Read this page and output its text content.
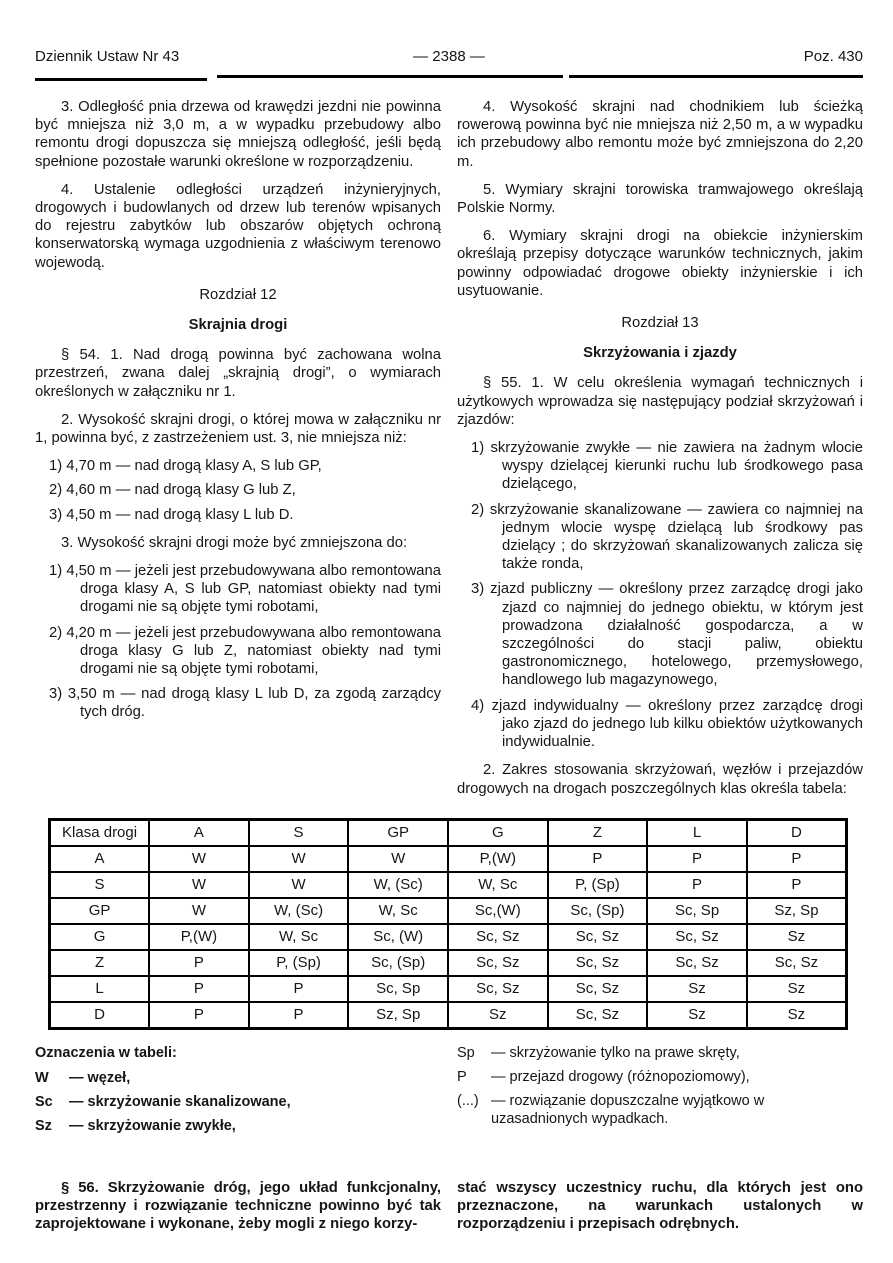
Dziennik Ustaw Nr 43	— 2388 —	Poz. 430

3. Odległość pnia drzewa od krawędzi jezdni nie powinna być mniejsza niż 3,0 m, a w wypadku przebudowy albo remontu drogi dopuszcza się mniejszą odległość, jeśli będą spełnione pozostałe warunki określone w rozporządzeniu.

4. Ustalenie odległości urządzeń inżynieryjnych, drogowych i budowlanych od drzew lub terenów wpisanych do rejestru zabytków lub obszarów objętych ochroną konserwatorską wymaga uzgodnienia z właściwym terenowo wojewodą.

Rozdział 12

Skrajnia drogi

§ 54. 1. Nad drogą powinna być zachowana wolna przestrzeń, zwana dalej „skrajnią drogi”, o wymiarach określonych w załączniku nr 1.

2. Wysokość skrajni drogi, o której mowa w załączniku nr 1, powinna być, z zastrzeżeniem ust. 3, nie mniejsza niż:

1) 4,70 m — nad drogą klasy A, S lub GP,

2) 4,60 m — nad drogą klasy G lub Z,

3) 4,50 m — nad drogą klasy L lub D.

3. Wysokość skrajni drogi może być zmniejszona do:

1) 4,50 m — jeżeli jest przebudowywana albo remontowana droga klasy A, S lub GP, natomiast obiekty nad tymi drogami nie są objęte tymi robotami,

2) 4,20 m — jeżeli jest przebudowywana albo remontowana droga klasy G lub Z, natomiast obiekty nad tymi drogami nie są objęte tymi robotami,

3) 3,50 m — nad drogą klasy L lub D, za zgodą zarządcy tych dróg.

4. Wysokość skrajni nad chodnikiem lub ścieżką rowerową powinna być nie mniejsza niż 2,50 m, a w wypadku ich przebudowy albo remontu może być zmniejszona do 2,20 m.

5. Wymiary skrajni torowiska tramwajowego określają Polskie Normy.

6. Wymiary skrajni drogi na obiekcie inżynierskim określają przepisy dotyczące warunków technicznych, jakim powinny odpowiadać drogowe obiekty inżynierskie i ich usytuowanie.

Rozdział 13

Skrzyżowania i zjazdy

§ 55. 1. W celu określenia wymagań technicznych i użytkowych wprowadza się następujący podział skrzyżowań i zjazdów:

1) skrzyżowanie zwykłe — nie zawiera na żadnym wlocie wyspy dzielącej kierunki ruchu lub środkowego pasa dzielącego,

2) skrzyżowanie skanalizowane — zawiera co najmniej na jednym wlocie wyspę dzielącą lub środkowy pas dzielący ; do skrzyżowań skanalizowanych zalicza się także ronda,

3) zjazd publiczny — określony przez zarządcę drogi jako zjazd co najmniej do jednego obiektu, w którym jest prowadzona działalność gospodarcza, a w szczególności do stacji paliw, obiektu gastronomicznego, hotelowego, przemysłowego, handlowego lub magazynowego,

4) zjazd indywidualny — określony przez zarządcę drogi jako zjazd do jednego lub kilku obiektów użytkowanych indywidualnie.

2. Zakres stosowania skrzyżowań, węzłów i przejazdów drogowych na drogach poszczególnych klas określa tabela:

Klasa drogi	A	S	GP	G	Z	L	D
A	W	W	W	P,(W)	P	P	P
S	W	W	W, (Sc)	W, Sc	P, (Sp)	P	P
GP	W	W, (Sc)	W, Sc	Sc,(W)	Sc, (Sp)	Sc, Sp	Sz, Sp
G	P,(W)	W, Sc	Sc, (W)	Sc, Sz	Sc, Sz	Sc, Sz	Sz
Z	P	P, (Sp)	Sc, (Sp)	Sc, Sz	Sc, Sz	Sc, Sz	Sc, Sz
L	P	P	Sc, Sp	Sc, Sz	Sc, Sz	Sz	Sz
D	P	P	Sz, Sp	Sz	Sc, Sz	Sz	Sz

Oznaczenia w tabeli:

W	— węzeł,
Sc	— skrzyżowanie skanalizowane,
Sz	— skrzyżowanie zwykłe,
Sp	— skrzyżowanie tylko na prawe skręty,
P	— przejazd drogowy (różnopoziomowy),
(...) — rozwiązanie dopuszczalne wyjątkowo w uzasadnionych wypadkach.

§ 56. Skrzyżowanie dróg, jego układ funkcjonalny, przestrzenny i rozwiązanie techniczne powinno być tak zaprojektowane i wykonane, żeby mogli z niego korzy-

stać wszyscy uczestnicy ruchu, dla których jest ono przeznaczone, na warunkach ustalonych w rozporządzeniu i przepisach odrębnych.
